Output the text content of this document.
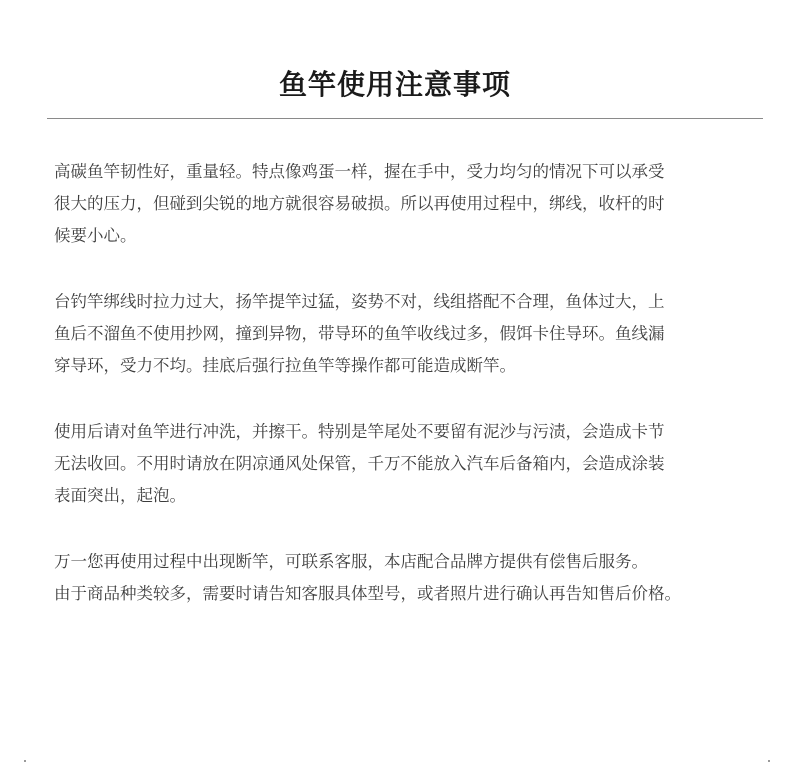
鱼竿使用注意事项

高碳鱼竿韧性好，重量轻。特点像鸡蛋一样，握在手中，受力均匀的情况下可以承受
很大的压力，但碰到尖锐的地方就很容易破损。所以再使用过程中，绑线，收杆的时
候要小心。

台钓竿绑线时拉力过大，扬竿提竿过猛，姿势不对，线组搭配不合理，鱼体过大，上
鱼后不溜鱼不使用抄网，撞到异物，带导环的鱼竿收线过多，假饵卡住导环。鱼线漏
穿导环，受力不均。挂底后强行拉鱼竿等操作都可能造成断竿。

使用后请对鱼竿进行冲洗，并擦干。特别是竿尾处不要留有泥沙与污渍，会造成卡节
无法收回。不用时请放在阴凉通风处保管，千万不能放入汽车后备箱内，会造成涂装
表面突出，起泡。

万一您再使用过程中出现断竿，可联系客服，本店配合品牌方提供有偿售后服务。
由于商品种类较多，需要时请告知客服具体型号，或者照片进行确认再告知售后价格。
